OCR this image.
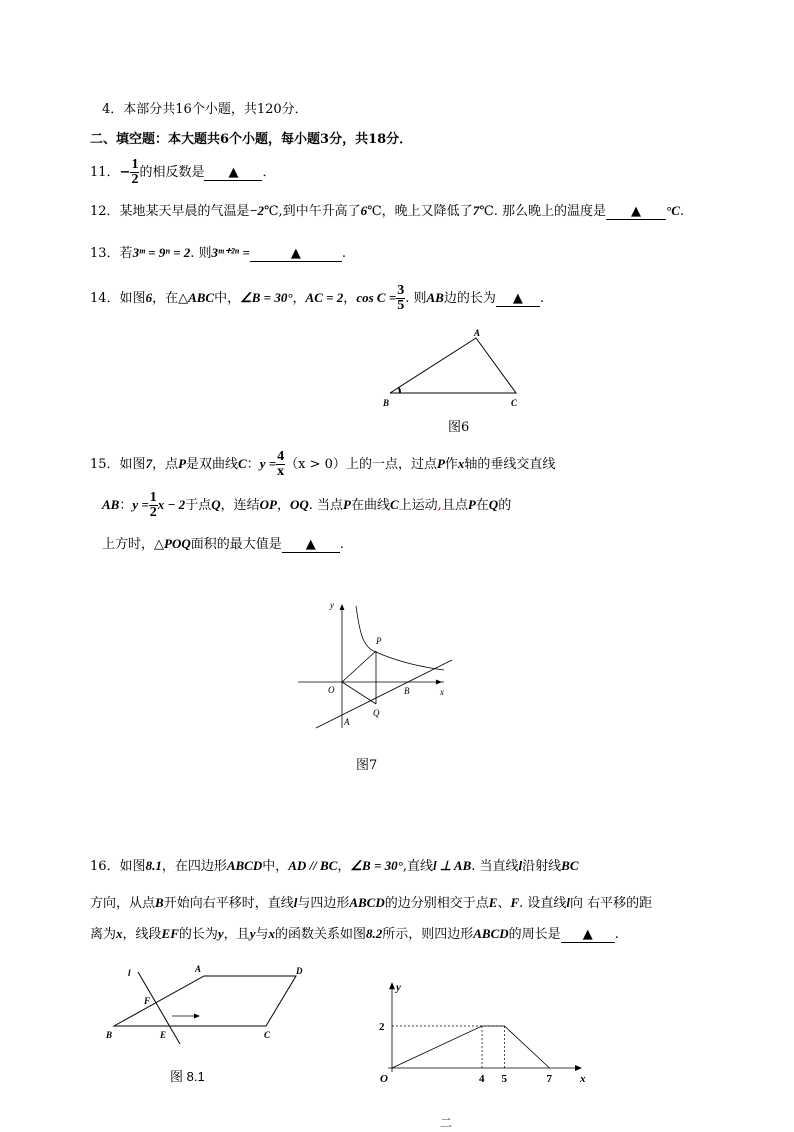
4．本部分共16个小题，共120分．
二、填空题：本大题共6个小题，每小题3分，共18分．
11．− $\frac{1}{2}$ 的相反数是 ▲ ．
12．某地某天早晨的气温是−2℃,到中午升高了6℃，晚上又降低了7℃. 那么晚上的温度是 ▲ °C.
13．若3ᵐ = 9ⁿ = 2. 则3ᵐ⁺²ⁿ =	▲	.
14．如图6，在△ABC中，∠B = 30°，AC = 2，$\cos C = \frac{3}{5}$ . 则AB边的长为 ▲ .
A
B	C
图6
15．如图7，点P是双曲线C：$y = \frac{4}{x} (x > 0)$上的一点，过点P作x轴的垂线交直线
AB：$y = \frac{1}{2}$ x − 2于点Q，连结OP，OQ. 当点P在曲线C上运动,且点P在Q的
上方时，△POQ面积的最大值是 ▲ .
y
x
O
P
Q
B
A
图7
16．如图8.1，在四边形ABCD中，AD // BC，∠B = 30°,直线l ⊥ AB. 当直线l沿射线BC
方向，从点B开始向右平移时，直线l与四边形ABCD的边分别相交于点E、F. 设直线l向 右平移的距
离为x，线段EF的长为y，且y与x的函数关系如图8.2所示，则四边形ABCD的周长是 ▲ .
l	A	D
F
B	E	C
图 8.1	4 5	7
2
y
x
O
二
